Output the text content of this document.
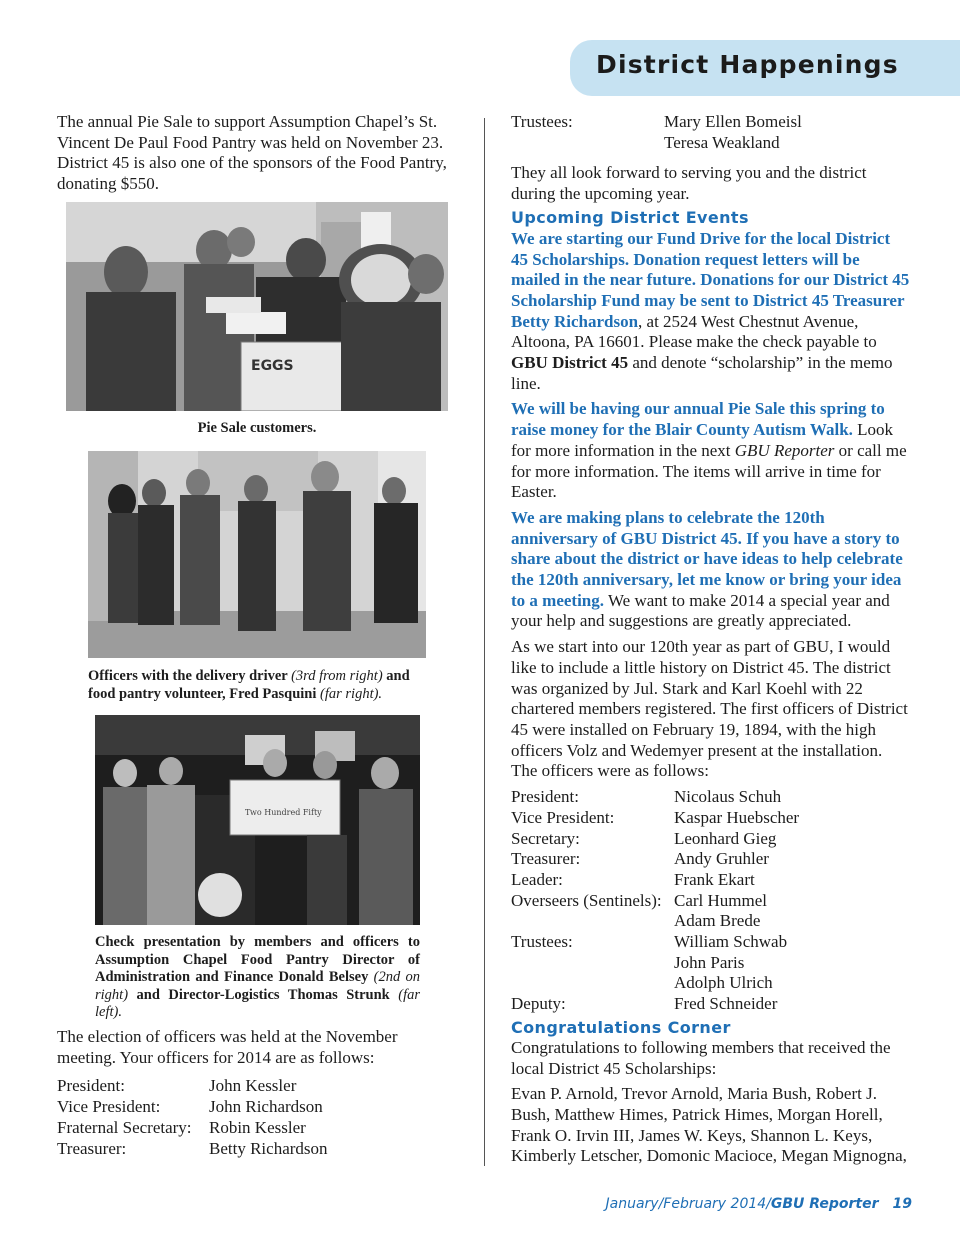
District Happenings

The annual Pie Sale to support Assumption Chapel’s St. Vincent De Paul Food Pantry was held on November 23. District 45 is also one of the sponsors of the Food Pantry, donating $550.

EGGS

Pie Sale customers.

Officers with the delivery driver (3rd from right) and food pantry volunteer, Fred Pasquini (far right).

Two Hundred Fifty

Check presentation by members and officers to Assumption Chapel Food Pantry Director of Administration and Finance Donald Belsey (2nd on right) and Director-Logistics Thomas Strunk (far left).

The election of officers was held at the November meeting. Your officers for 2014 are as follows:

President:	John Kessler
Vice President:	John Richardson
Fraternal Secretary:	Robin Kessler
Treasurer:	Betty Richardson
Trustees:	Mary Ellen Bomeisl
	Teresa Weakland

They all look forward to serving you and the district during the upcoming year.

Upcoming District Events

We are starting our Fund Drive for the local District 45 Scholarships. Donation request letters will be mailed in the near future. Donations for our District 45 Scholarship Fund may be sent to District 45 Treasurer Betty Richardson, at 2524 West Chestnut Avenue, Altoona, PA 16601. Please make the check payable to GBU District 45 and denote “scholarship” in the memo line.

We will be having our annual Pie Sale this spring to raise money for the Blair County Autism Walk. Look for more information in the next GBU Reporter or call me for more information. The items will arrive in time for Easter.

We are making plans to celebrate the 120th anniversary of GBU District 45. If you have a story to share about the district or have ideas to help celebrate the 120th anniversary, let me know or bring your idea to a meeting. We want to make 2014 a special year and your help and suggestions are greatly appreciated.

As we start into our 120th year as part of GBU, I would like to include a little history on District 45. The district was organized by Jul. Stark and Karl Koehl with 22 chartered members registered. The first officers of District 45 were installed on February 19, 1894, with the high officers Volz and Wedemyer present at the installation. The officers were as follows:

President:	Nicolaus Schuh
Vice President:	Kaspar Huebscher
Secretary:	Leonhard Gieg
Treasurer:	Andy Gruhler
Leader:	Frank Ekart
Overseers (Sentinels):	Carl Hummel
	Adam Brede
Trustees:	William Schwab
	John Paris
	Adolph Ulrich
Deputy:	Fred Schneider
Congratulations Corner

Congratulations to following members that received the local District 45 Scholarships:

Evan P. Arnold, Trevor Arnold, Maria Bush, Robert J. Bush, Matthew Himes, Patrick Himes, Morgan Horell, Frank O. Irvin III, James W. Keys, Shannon L. Keys, Kimberly Letscher, Domonic Macioce, Megan Mignogna,

January/February 2014/GBU Reporter 19
